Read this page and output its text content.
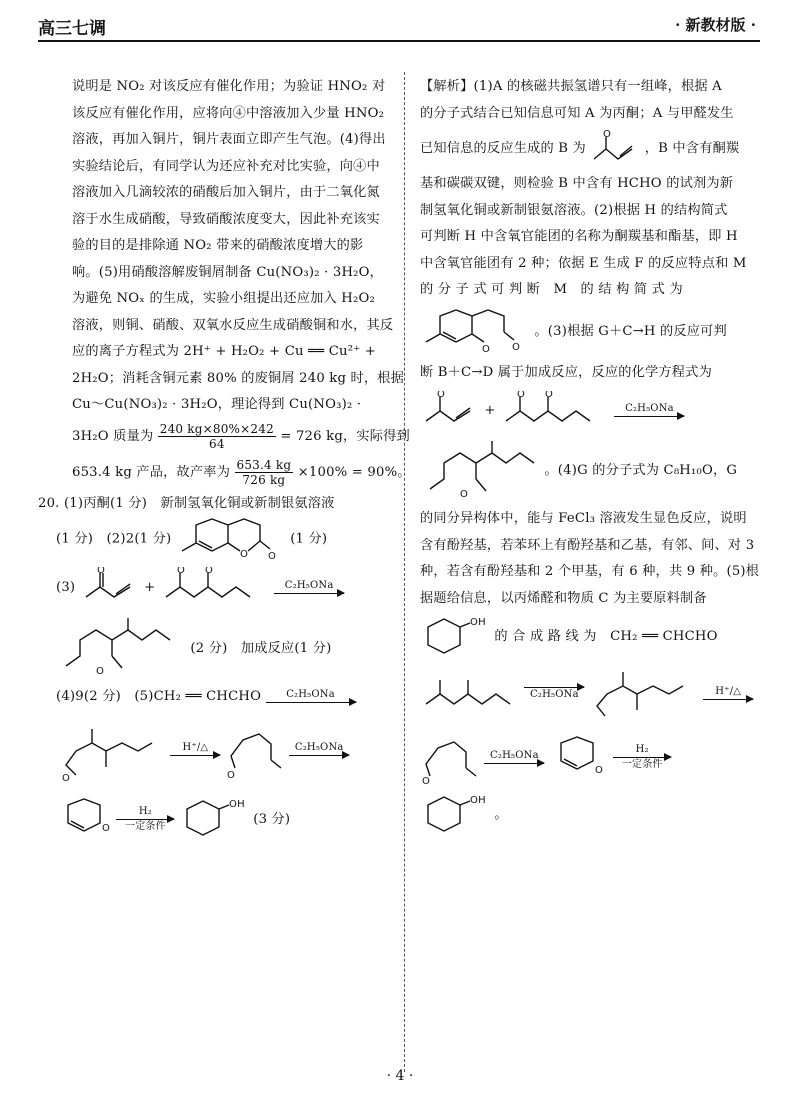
高三七调	· 新教材版 ·

说明是 NO₂ 对该反应有催化作用；为验证 HNO₂ 对

该反应有催化作用，应将向④中溶液加入少量 HNO₂

溶液，再加入铜片，铜片表面立即产生气泡。(4)得出

实验结论后，有同学认为还应补充对比实验，向④中

溶液加入几滴较浓的硝酸后加入铜片，由于二氧化氮

溶于水生成硝酸，导致硝酸浓度变大，因此补充该实

验的目的是排除通 NO₂ 带来的硝酸浓度增大的影

响。(5)用硝酸溶解废铜屑制备 Cu(NO₃)₂ · 3H₂O，

为避免 NOₓ 的生成，实验小组提出还应加入 H₂O₂

溶液，则铜、硝酸、双氧水反应生成硝酸铜和水，其反

应的离子方程式为 2H⁺ + H₂O₂ + Cu ══ Cu²⁺ +

2H₂O；消耗含铜元素 80% 的废铜屑 240 kg 时，根据

Cu～Cu(NO₃)₂ · 3H₂O，理论得到 Cu(NO₃)₂ ·

3H₂O 质量为 $\frac{240 kg\times 80\%\times 242}{64} = 726$ kg，实际得到

653.4 kg 产品，故产率为 $\frac{653.4 kg}{726 kg} \times 100\% = 90\%$。

20. (1)丙酮(1 分)　新制氢氧化铜或新制银氨溶液

(1 分)　(2)2(1 分)
O O
(1 分)

(3)
O
+
O O
C₂H₅ONa

O
(2 分)　加成反应(1 分)

(4)9(2 分)　(5)CH₂ ══ CHCHO	C₂H₅ONa

O
H⁺/△

O
C₂H₅ONa

O
H₂
一定条件
OH
(3 分)

【解析】(1)A 的核磁共振氢谱只有一组峰，根据 A

的分子式结合已知信息可知 A 为丙酮；A 与甲醛发生

已知信息的反应生成的 B 为
O
，B 中含有酮羰

基和碳碳双键，则检验 B 中含有 HCHO 的试剂为新

制氢氧化铜或新制银氨溶液。(2)根据 H 的结构简式

可判断 H 中含氧官能团的名称为酮羰基和酯基，即 H

中含氧官能团有 2 种；依据 E 生成 F 的反应特点和 M

的 分 子 式 可 判 断　M　的 结 构 简 式 为

O O
。(3)根据 G＋C→H 的反应可判

断 B＋C→D 属于加成反应，反应的化学方程式为

O
+
O O
C₂H₅ONa

O
。(4)G 的分子式为 C₈H₁₀O，G

的同分异构体中，能与 FeCl₃ 溶液发生显色反应，说明

含有酚羟基，若苯环上有酚羟基和乙基，有邻、间、对 3

种，若含有酚羟基和 2 个甲基，有 6 种，共 9 种。(5)根

据题给信息，以丙烯醛和物质 C 为主要原料制备

OH
的 合 成 路 线 为　CH₂ ══ CHCHO

C₂H₅ONa	H⁺/△

O
C₂H₅ONa

O
H₂
一定条件

OH
。

· 4 ·
